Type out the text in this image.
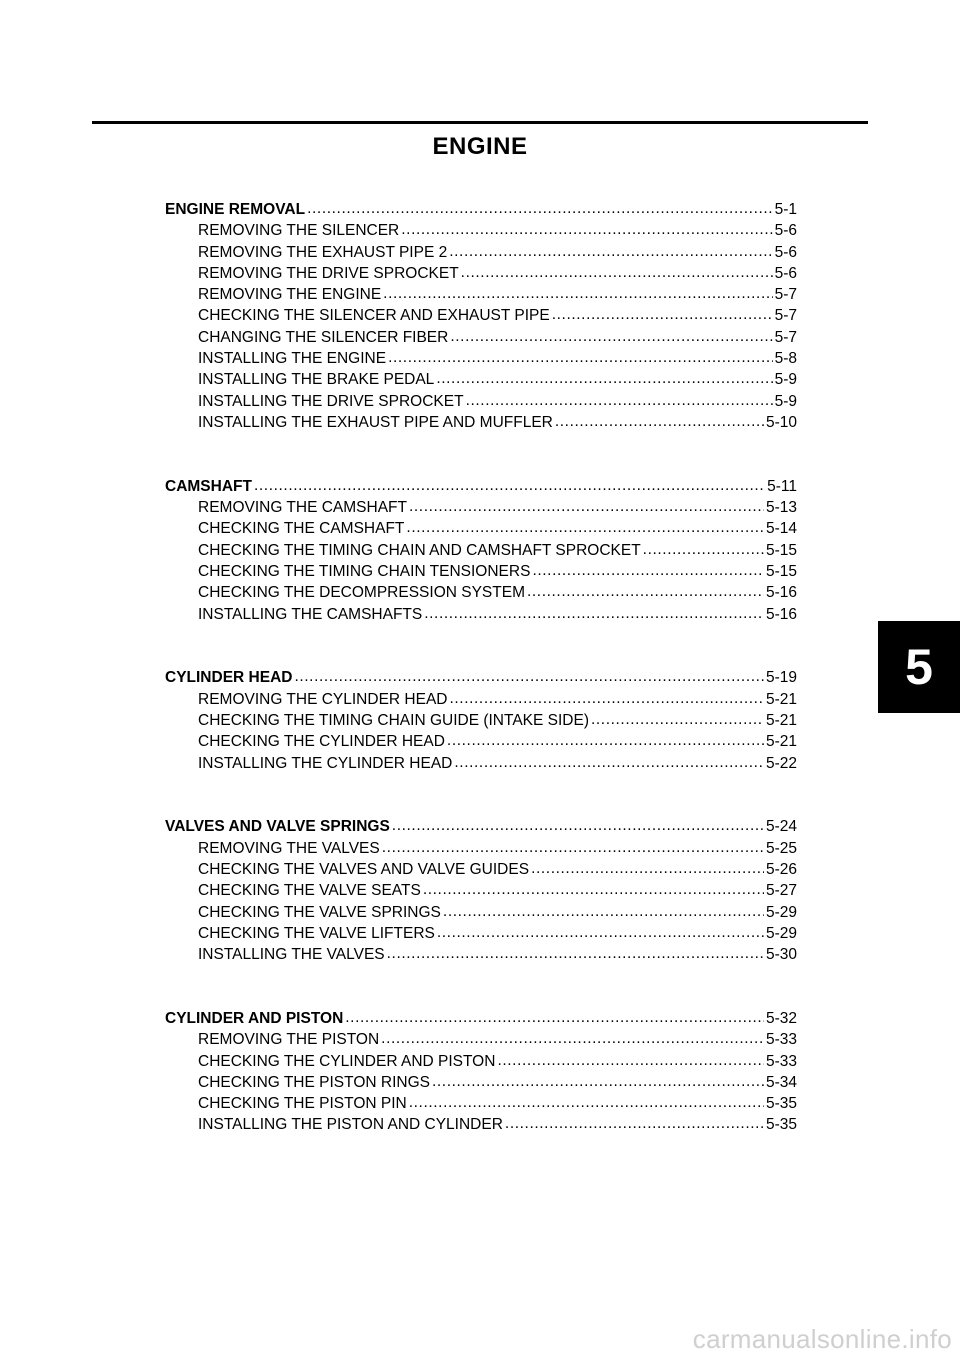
ENGINE
ENGINE REMOVAL .....	5-1
REMOVING THE SILENCER .....	5-6
REMOVING THE EXHAUST PIPE 2 .....	5-6
REMOVING THE DRIVE SPROCKET .....	5-6
REMOVING THE ENGINE .....	5-7
CHECKING THE SILENCER AND EXHAUST PIPE .....	5-7
CHANGING THE SILENCER FIBER .....	5-7
INSTALLING THE ENGINE .....	5-8
INSTALLING THE BRAKE PEDAL .....	5-9
INSTALLING THE DRIVE SPROCKET .....	5-9
INSTALLING THE EXHAUST PIPE AND MUFFLER .....	5-10
CAMSHAFT .....	5-11
REMOVING THE CAMSHAFT .....	5-13
CHECKING THE CAMSHAFT .....	5-14
CHECKING THE TIMING CHAIN AND CAMSHAFT SPROCKET .....	5-15
CHECKING THE TIMING CHAIN TENSIONERS .....	5-15
CHECKING THE DECOMPRESSION SYSTEM .....	5-16
INSTALLING THE CAMSHAFTS .....	5-16
CYLINDER HEAD .....	5-19
REMOVING THE CYLINDER HEAD .....	5-21
CHECKING THE TIMING CHAIN GUIDE (INTAKE SIDE) .....	5-21
CHECKING THE CYLINDER HEAD .....	5-21
INSTALLING THE CYLINDER HEAD .....	5-22
VALVES AND VALVE SPRINGS .....	5-24
REMOVING THE VALVES .....	5-25
CHECKING THE VALVES AND VALVE GUIDES .....	5-26
CHECKING THE VALVE SEATS .....	5-27
CHECKING THE VALVE SPRINGS .....	5-29
CHECKING THE VALVE LIFTERS .....	5-29
INSTALLING THE VALVES .....	5-30
CYLINDER AND PISTON .....	5-32
REMOVING THE PISTON .....	5-33
CHECKING THE CYLINDER AND PISTON .....	5-33
CHECKING THE PISTON RINGS .....	5-34
CHECKING THE PISTON PIN .....	5-35
INSTALLING THE PISTON AND CYLINDER .....	5-35
5
carmanualsonline.info
